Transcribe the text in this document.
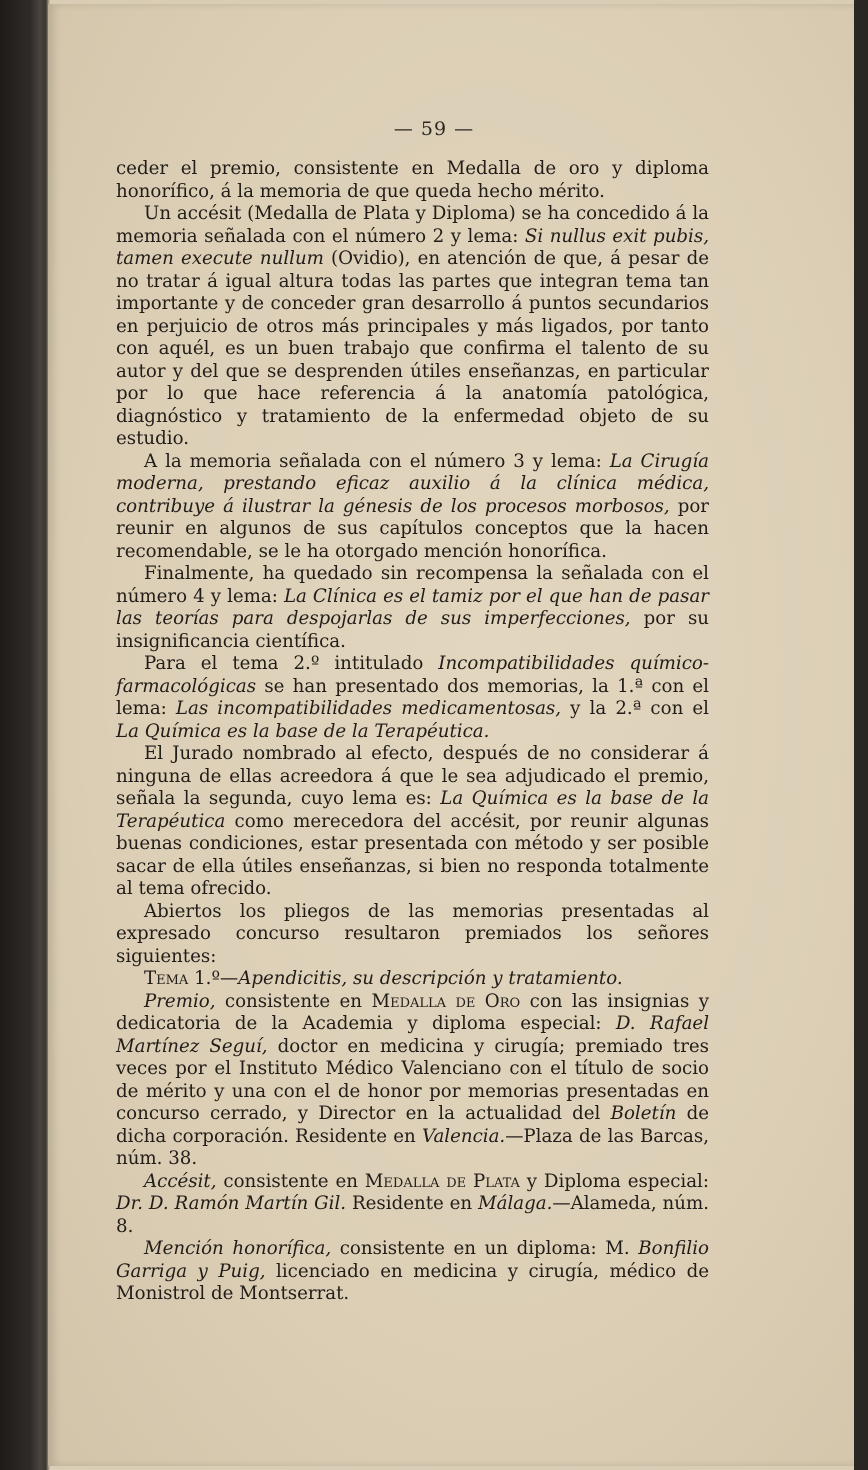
— 59 —

ceder el premio, consistente en Medalla de oro y diploma honorífico, á la memoria de que queda hecho mérito.

Un accésit (Medalla de Plata y Diploma) se ha concedido á la memoria señalada con el número 2 y lema: Si nullus exit pubis, tamen execute nullum (Ovidio), en atención de que, á pesar de no tratar á igual altura todas las partes que integran tema tan importante y de conceder gran desarrollo á puntos secundarios en perjuicio de otros más principales y más ligados, por tanto con aquél, es un buen trabajo que confirma el talento de su autor y del que se desprenden útiles enseñanzas, en particular por lo que hace referencia á la anatomía patológica, diagnóstico y tratamiento de la enfermedad objeto de su estudio.

A la memoria señalada con el número 3 y lema: La Cirugía moderna, prestando eficaz auxilio á la clínica médica, contribuye á ilustrar la génesis de los procesos morbosos, por reunir en algunos de sus capítulos conceptos que la hacen recomendable, se le ha otorgado mención honorífica.

Finalmente, ha quedado sin recompensa la señalada con el número 4 y lema: La Clínica es el tamiz por el que han de pasar las teorías para despojarlas de sus imperfecciones, por su insignificancia científica.

Para el tema 2.º intitulado Incompatibilidades químico-farmacológicas se han presentado dos memorias, la 1.ª con el lema: Las incompatibilidades medicamentosas, y la 2.ª con el La Química es la base de la Terapéutica.

El Jurado nombrado al efecto, después de no considerar á ninguna de ellas acreedora á que le sea adjudicado el premio, señala la segunda, cuyo lema es: La Química es la base de la Terapéutica como merecedora del accésit, por reunir algunas buenas condiciones, estar presentada con método y ser posible sacar de ella útiles enseñanzas, si bien no responda totalmente al tema ofrecido.

Abiertos los pliegos de las memorias presentadas al expresado concurso resultaron premiados los señores siguientes:

Tema 1.º—Apendicitis, su descripción y tratamiento.

Premio, consistente en Medalla de Oro con las insignias y dedicatoria de la Academia y diploma especial: D. Rafael Martínez Seguí, doctor en medicina y cirugía; premiado tres veces por el Instituto Médico Valenciano con el título de socio de mérito y una con el de honor por memorias presentadas en concurso cerrado, y Director en la actualidad del Boletín de dicha corporación. Residente en Valencia.—Plaza de las Barcas, núm. 38.

Accésit, consistente en Medalla de Plata y Diploma especial: Dr. D. Ramón Martín Gil. Residente en Málaga.—Alameda, núm. 8.

Mención honorífica, consistente en un diploma: M. Bonfilio Garriga y Puig, licenciado en medicina y cirugía, médico de Monistrol de Montserrat.
